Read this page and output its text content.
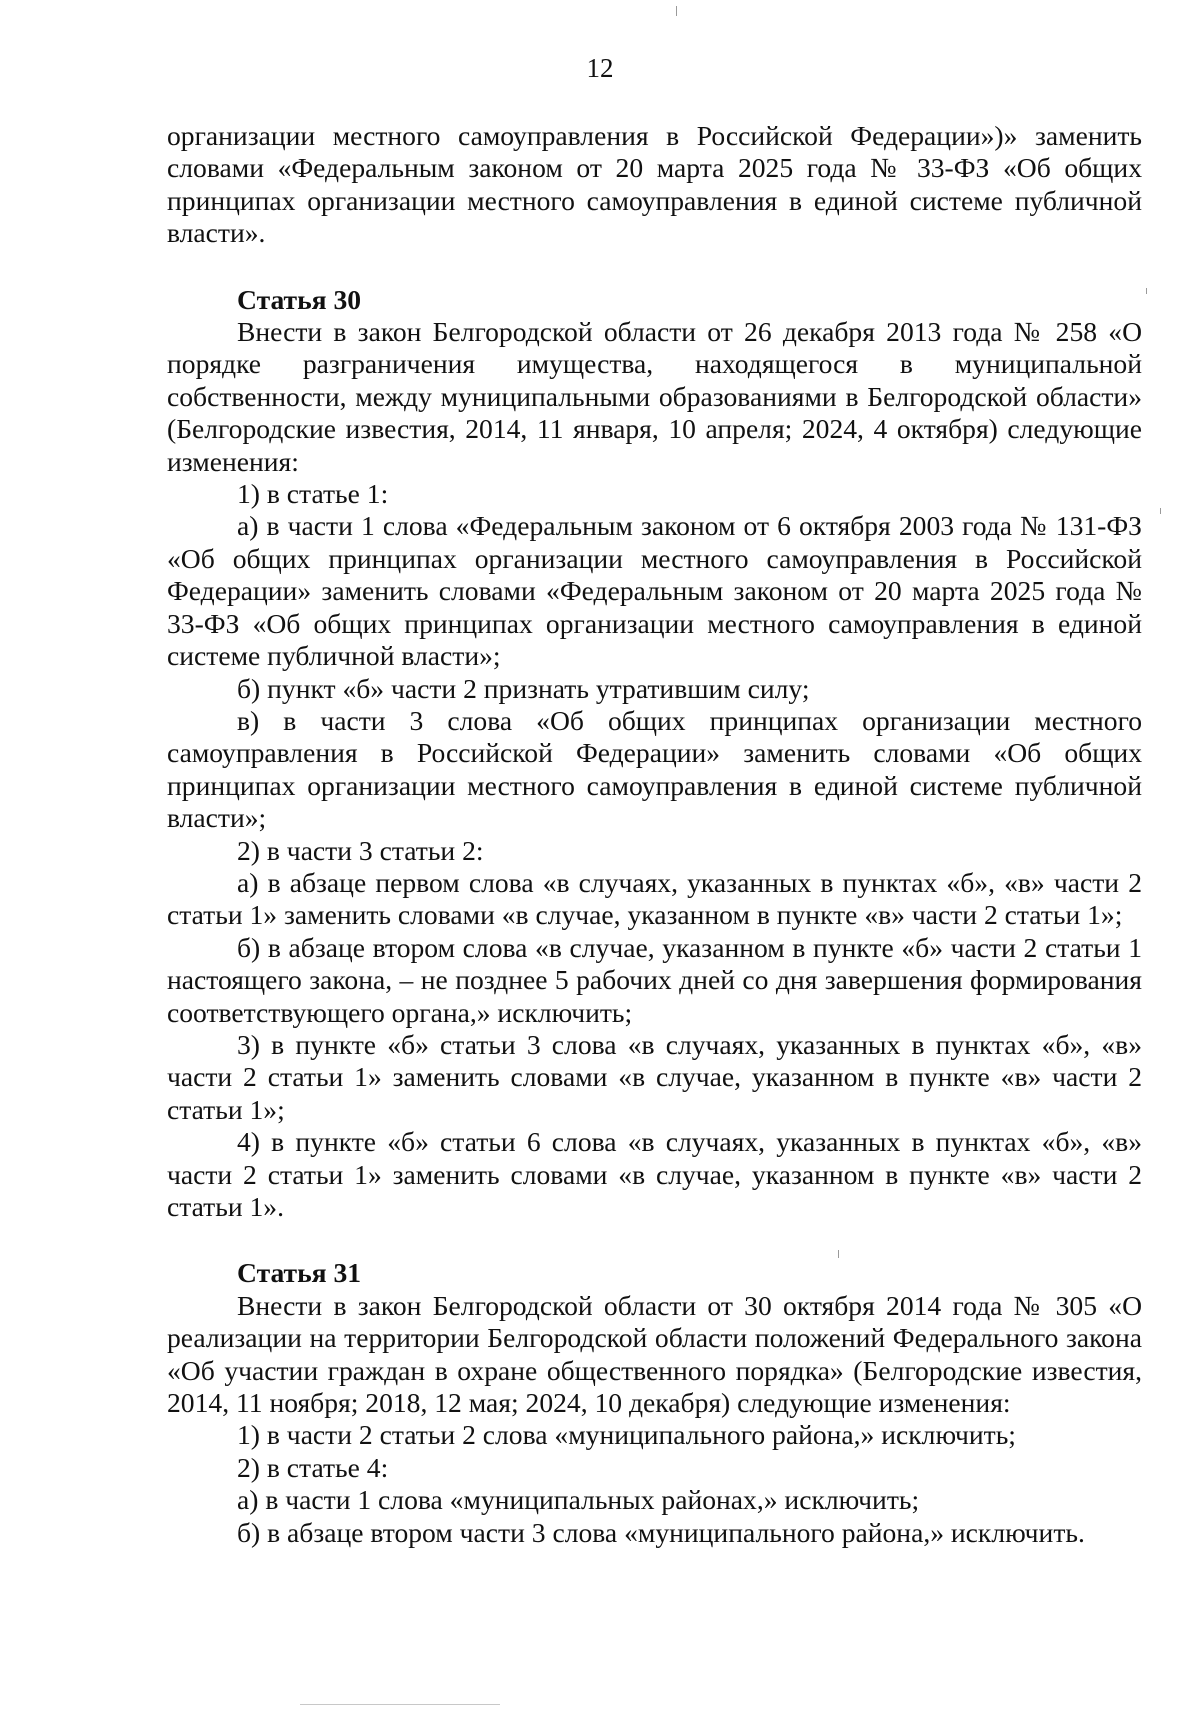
12

организации местного самоуправления в Российской Федерации»)» заменить словами «Федеральным законом от 20 марта 2025 года № 33-ФЗ «Об общих принципах организации местного самоуправления в единой системе публичной власти».

Статья 30

Внести в закон Белгородской области от 26 декабря 2013 года № 258 «О порядке разграничения имущества, находящегося в муниципальной собственности, между муниципальными образованиями в Белгородской области» (Белгородские известия, 2014, 11 января, 10 апреля; 2024, 4 октября) следующие изменения:

1) в статье 1:

а) в части 1 слова «Федеральным законом от 6 октября 2003 года № 131-ФЗ «Об общих принципах организации местного самоуправления в Российской Федерации» заменить словами «Федеральным законом от 20 марта 2025 года № 33-ФЗ «Об общих принципах организации местного самоуправления в единой системе публичной власти»;

б) пункт «б» части 2 признать утратившим силу;

в) в части 3 слова «Об общих принципах организации местного самоуправления в Российской Федерации» заменить словами «Об общих принципах организации местного самоуправления в единой системе публичной власти»;

2) в части 3 статьи 2:

а) в абзаце первом слова «в случаях, указанных в пунктах «б», «в» части 2 статьи 1» заменить словами «в случае, указанном в пункте «в» части 2 статьи 1»;

б) в абзаце втором слова «в случае, указанном в пункте «б» части 2 статьи 1 настоящего закона, – не позднее 5 рабочих дней со дня завершения формирования соответствующего органа,» исключить;

3) в пункте «б» статьи 3 слова «в случаях, указанных в пунктах «б», «в» части 2 статьи 1» заменить словами «в случае, указанном в пункте «в» части 2 статьи 1»;

4) в пункте «б» статьи 6 слова «в случаях, указанных в пунктах «б», «в» части 2 статьи 1» заменить словами «в случае, указанном в пункте «в» части 2 статьи 1».

Статья 31

Внести в закон Белгородской области от 30 октября 2014 года № 305 «О реализации на территории Белгородской области положений Федерального закона «Об участии граждан в охране общественного порядка» (Белгородские известия, 2014, 11 ноября; 2018, 12 мая; 2024, 10 декабря) следующие изменения:

1) в части 2 статьи 2 слова «муниципального района,» исключить;

2) в статье 4:

а) в части 1 слова «муниципальных районах,» исключить;

б) в абзаце втором части 3 слова «муниципального района,» исключить.
